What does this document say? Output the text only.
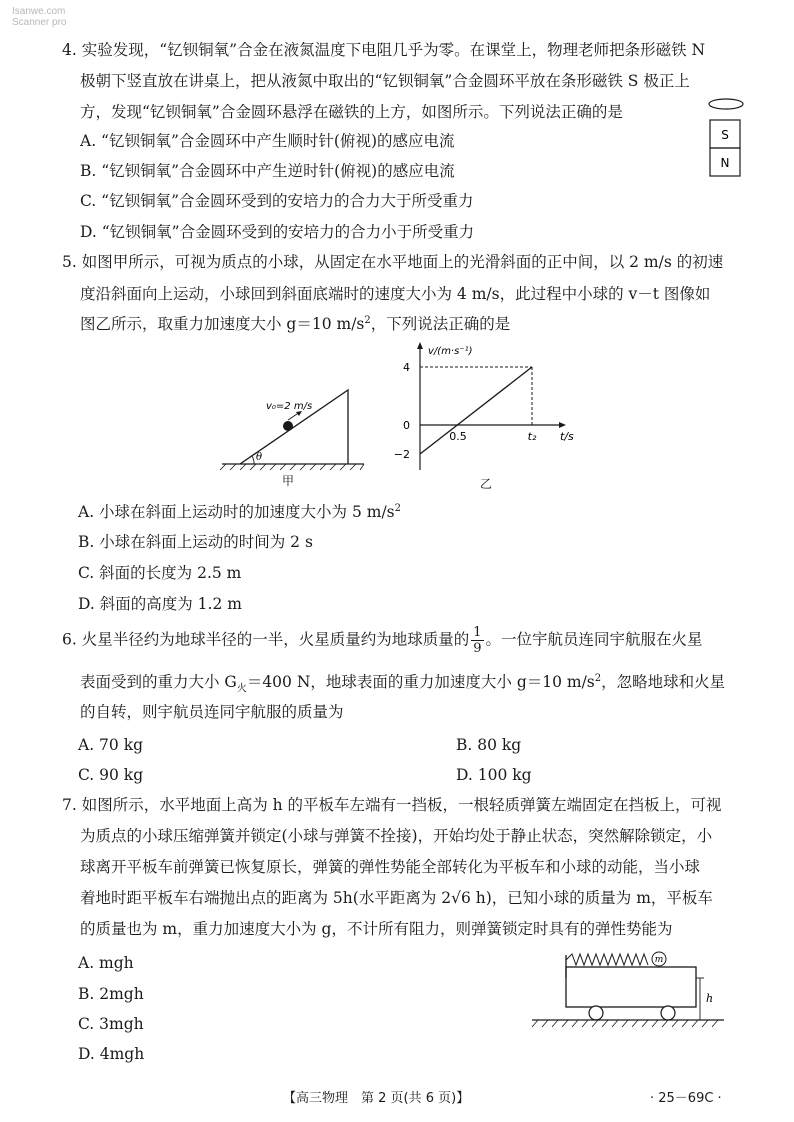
Isanwe.com
Scanner pro
4. 实验发现，“钇钡铜氧”合金在液氮温度下电阻几乎为零。在课堂上，物理老师把条形磁铁 N
极朝下竖直放在讲桌上，把从液氮中取出的“钇钡铜氧”合金圆环平放在条形磁铁 S 极正上
方，发现“钇钡铜氧”合金圆环悬浮在磁铁的上方，如图所示。下列说法正确的是
A. “钇钡铜氧”合金圆环中产生顺时针(俯视)的感应电流
B. “钇钡铜氧”合金圆环中产生逆时针(俯视)的感应电流
C. “钇钡铜氧”合金圆环受到的安培力的合力大于所受重力
D. “钇钡铜氧”合金圆环受到的安培力的合力小于所受重力
S
N
5. 如图甲所示，可视为质点的小球，从固定在水平地面上的光滑斜面的正中间，以 2 m/s 的初速
度沿斜面向上运动，小球回到斜面底端时的速度大小为 4 m/s，此过程中小球的 v－t 图像如
图乙所示，取重力加速度大小 g＝10 $m/s^2$，下列说法正确的是
v₀=2 m/s
θ
甲
v/(m·s⁻¹)
t/s
4
0
−2
0.5	t₂
乙
A. 小球在斜面上运动时的加速度大小为 5 $m/s^2$
B. 小球在斜面上运动的时间为 2 s
C. 斜面的长度为 2.5 m
D. 斜面的高度为 1.2 m
6. 火星半径约为地球半径的一半，火星质量约为地球质量的 $\frac{1}{9}$ 。一位宇航员连同宇航服在火星
表面受到的重力大小 $G_火=400$ N，地球表面的重力加速度大小 g＝10 $m/s^2$，忽略地球和火星
的自转，则宇航员连同宇航服的质量为
A. 70 kg	B. 80 kg
C. 90 kg	D. 100 kg
7. 如图所示，水平地面上高为 h 的平板车左端有一挡板，一根轻质弹簧左端固定在挡板上，可视
为质点的小球压缩弹簧并锁定(小球与弹簧不拴接)，开始均处于静止状态，突然解除锁定，小
球离开平板车前弹簧已恢复原长，弹簧的弹性势能全部转化为平板车和小球的动能，当小球
着地时距平板车右端抛出点的距离为 5h(水平距离为 2√6 h)，已知小球的质量为 m，平板车
的质量也为 m，重力加速度大小为 g，不计所有阻力，则弹簧锁定时具有的弹性势能为
A. mgh
B. 2mgh
C. 3mgh
D. 4mgh
m
h
【高三物理　第 2 页(共 6 页)】	· 25－69C ·
